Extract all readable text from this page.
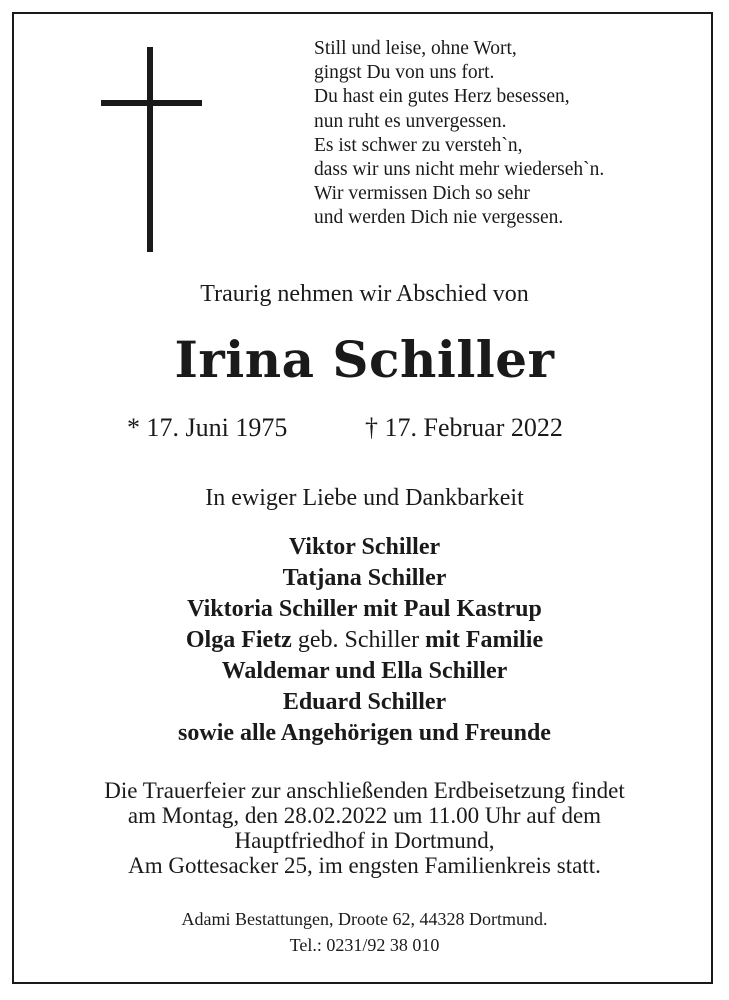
Still und leise, ohne Wort,
gingst Du von uns fort.
Du hast ein gutes Herz besessen,
nun ruht es unvergessen.
Es ist schwer zu versteh`n,
dass wir uns nicht mehr wiederseh`n.
Wir vermissen Dich so sehr
und werden Dich nie vergessen.
Traurig nehmen wir Abschied von
Irina Schiller
* 17. Juni 1975	† 17. Februar 2022
In ewiger Liebe und Dankbarkeit
Viktor Schiller
Tatjana Schiller
Viktoria Schiller mit Paul Kastrup
Olga Fietz geb. Schiller mit Familie
Waldemar und Ella Schiller
Eduard Schiller
sowie alle Angehörigen und Freunde
Die Trauerfeier zur anschließenden Erdbeisetzung findet
am Montag, den 28.02.2022 um 11.00 Uhr auf dem
Hauptfriedhof in Dortmund,
Am Gottesacker 25, im engsten Familienkreis statt.
Adami Bestattungen, Droote 62, 44328 Dortmund.
Tel.: 0231/92 38 010
